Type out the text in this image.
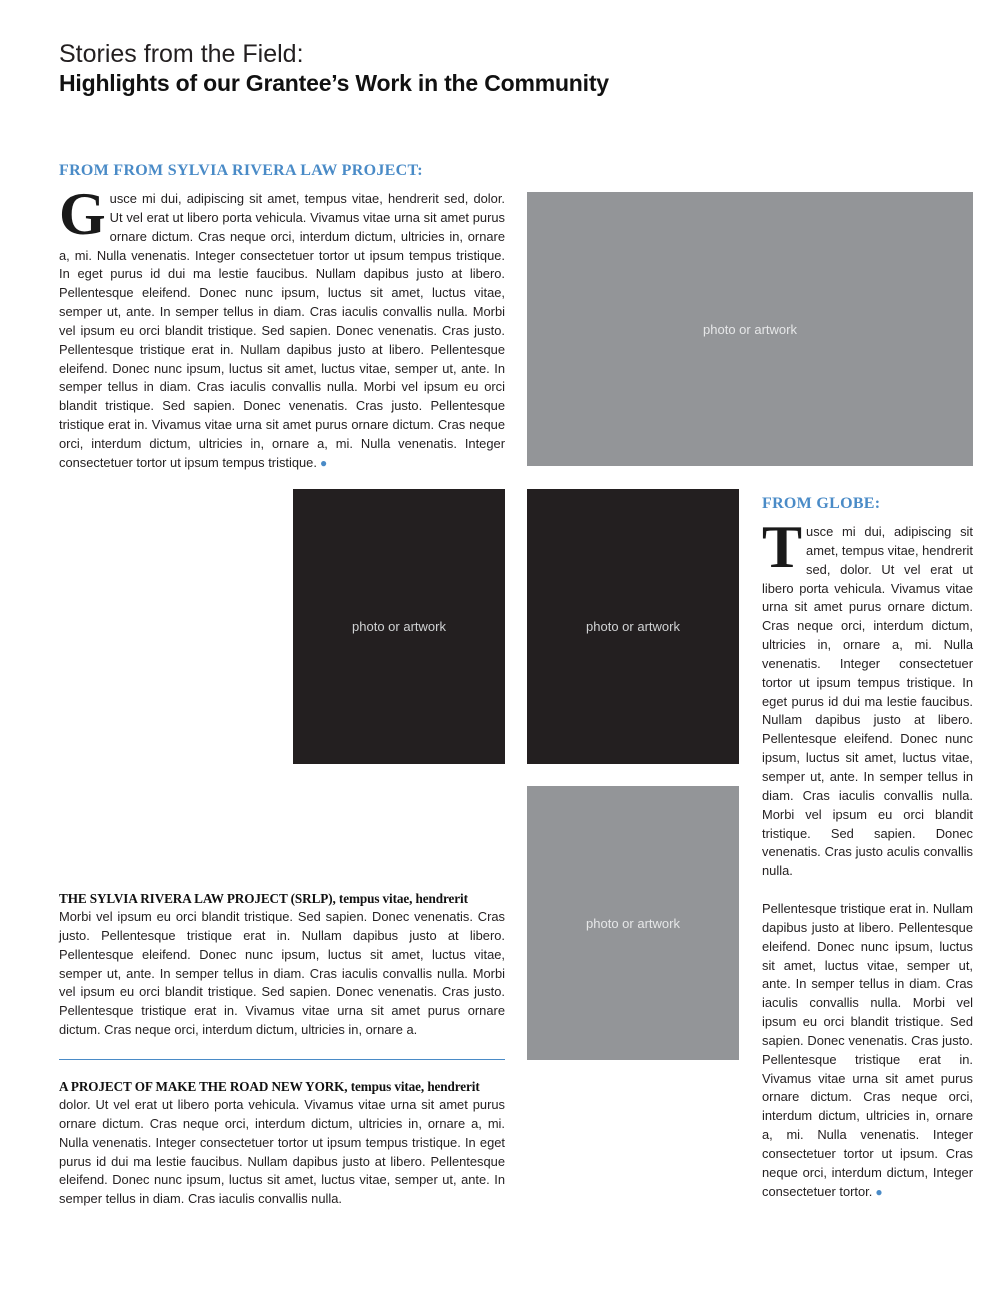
Stories from the Field:
Highlights of our Grantee’s Work in the Community
FROM FROM SYLVIA RIVERA LAW PROJECT:

Gusce mi dui, adipiscing sit amet, tempus vitae, hendrerit sed, dolor. Ut vel erat ut libero porta vehicula. Vivamus vitae urna sit amet purus ornare dictum. Cras neque orci, interdum dictum, ultricies in, ornare a, mi. Nulla venenatis. Integer consectetuer tortor ut ipsum tempus tristique. In eget purus id dui ma lestie faucibus. Nullam dapibus justo at libero. Pellentesque eleifend. Donec nunc ipsum, luctus sit amet, luctus vitae, semper ut, ante. In semper tellus in diam. Cras iaculis convallis nulla. Morbi vel ipsum eu orci blandit tristique. Sed sapien. Donec venenatis. Cras justo. Pellentesque tristique erat in. Nullam dapibus justo at libero. Pellentesque eleifend. Donec nunc ipsum, luctus sit amet, luctus vitae, semper ut, ante. In semper tellus in diam. Cras iaculis convallis nulla. Morbi vel ipsum eu orci blandit tristique. Sed sapien. Donec venenatis. Cras justo. Pellentesque tristique erat in. Vivamus vitae urna sit amet purus ornare dictum. Cras neque orci, interdum dictum, ultricies in, ornare a, mi. Nulla venenatis. Integer consectetuer tortor ut ipsum tempus tristique. ●

photo or artwork
photo or artwork	photo or artwork
photo or artwork
FROM GLOBE:

Tusce mi dui, adipiscing sit amet, tempus vitae, hendrerit sed, dolor. Ut vel erat ut libero porta vehicula. Vivamus vitae urna sit amet purus ornare dictum. Cras neque orci, interdum dictum, ultricies in, ornare a, mi. Nulla venenatis. Integer consectetuer tortor ut ipsum tempus tristique. In eget purus id dui ma lestie faucibus. Nullam dapibus justo at libero. Pellentesque eleifend. Donec nunc ipsum, luctus sit amet, luctus vitae, semper ut, ante. In semper tellus in diam. Cras iaculis convallis nulla. Morbi vel ipsum eu orci blandit tristique. Sed sapien. Donec venenatis. Cras justo aculis convallis nulla.

Pellentesque tristique erat in. Nullam dapibus justo at libero. Pellentesque eleifend. Donec nunc ipsum, luctus sit amet, luctus vitae, semper ut, ante. In semper tellus in diam. Cras iaculis convallis nulla. Morbi vel ipsum eu orci blandit tristique. Sed sapien. Donec venenatis. Cras justo. Pellentesque tristique erat in. Vivamus vitae urna sit amet purus ornare dictum. Cras neque orci, interdum dictum, ultricies in, ornare a, mi. Nulla venenatis. Integer consectetuer tortor ut ipsum. Cras neque orci, interdum dictum, Integer consectetuer tortor. ●

THE SYLVIA RIVERA LAW PROJECT (SRLP), tempus vitae, hendrerit

Morbi vel ipsum eu orci blandit tristique. Sed sapien. Donec venenatis. Cras justo. Pellentesque tristique erat in. Nullam dapibus justo at libero. Pellentesque eleifend. Donec nunc ipsum, luctus sit amet, luctus vitae, semper ut, ante. In semper tellus in diam. Cras iaculis convallis nulla. Morbi vel ipsum eu orci blandit tristique. Sed sapien. Donec venenatis. Cras justo. Pellentesque tristique erat in. Vivamus vitae urna sit amet purus ornare dictum. Cras neque orci, interdum dictum, ultricies in, ornare a.

A PROJECT OF MAKE THE ROAD NEW YORK, tempus vitae, hendrerit

dolor. Ut vel erat ut libero porta vehicula. Vivamus vitae urna sit amet purus ornare dictum. Cras neque orci, interdum dictum, ultricies in, ornare a, mi. Nulla venenatis. Integer consectetuer tortor ut ipsum tempus tristique. In eget purus id dui ma lestie faucibus. Nullam dapibus justo at libero. Pellentesque eleifend. Donec nunc ipsum, luctus sit amet, luctus vitae, semper ut, ante. In semper tellus in diam. Cras iaculis convallis nulla.
